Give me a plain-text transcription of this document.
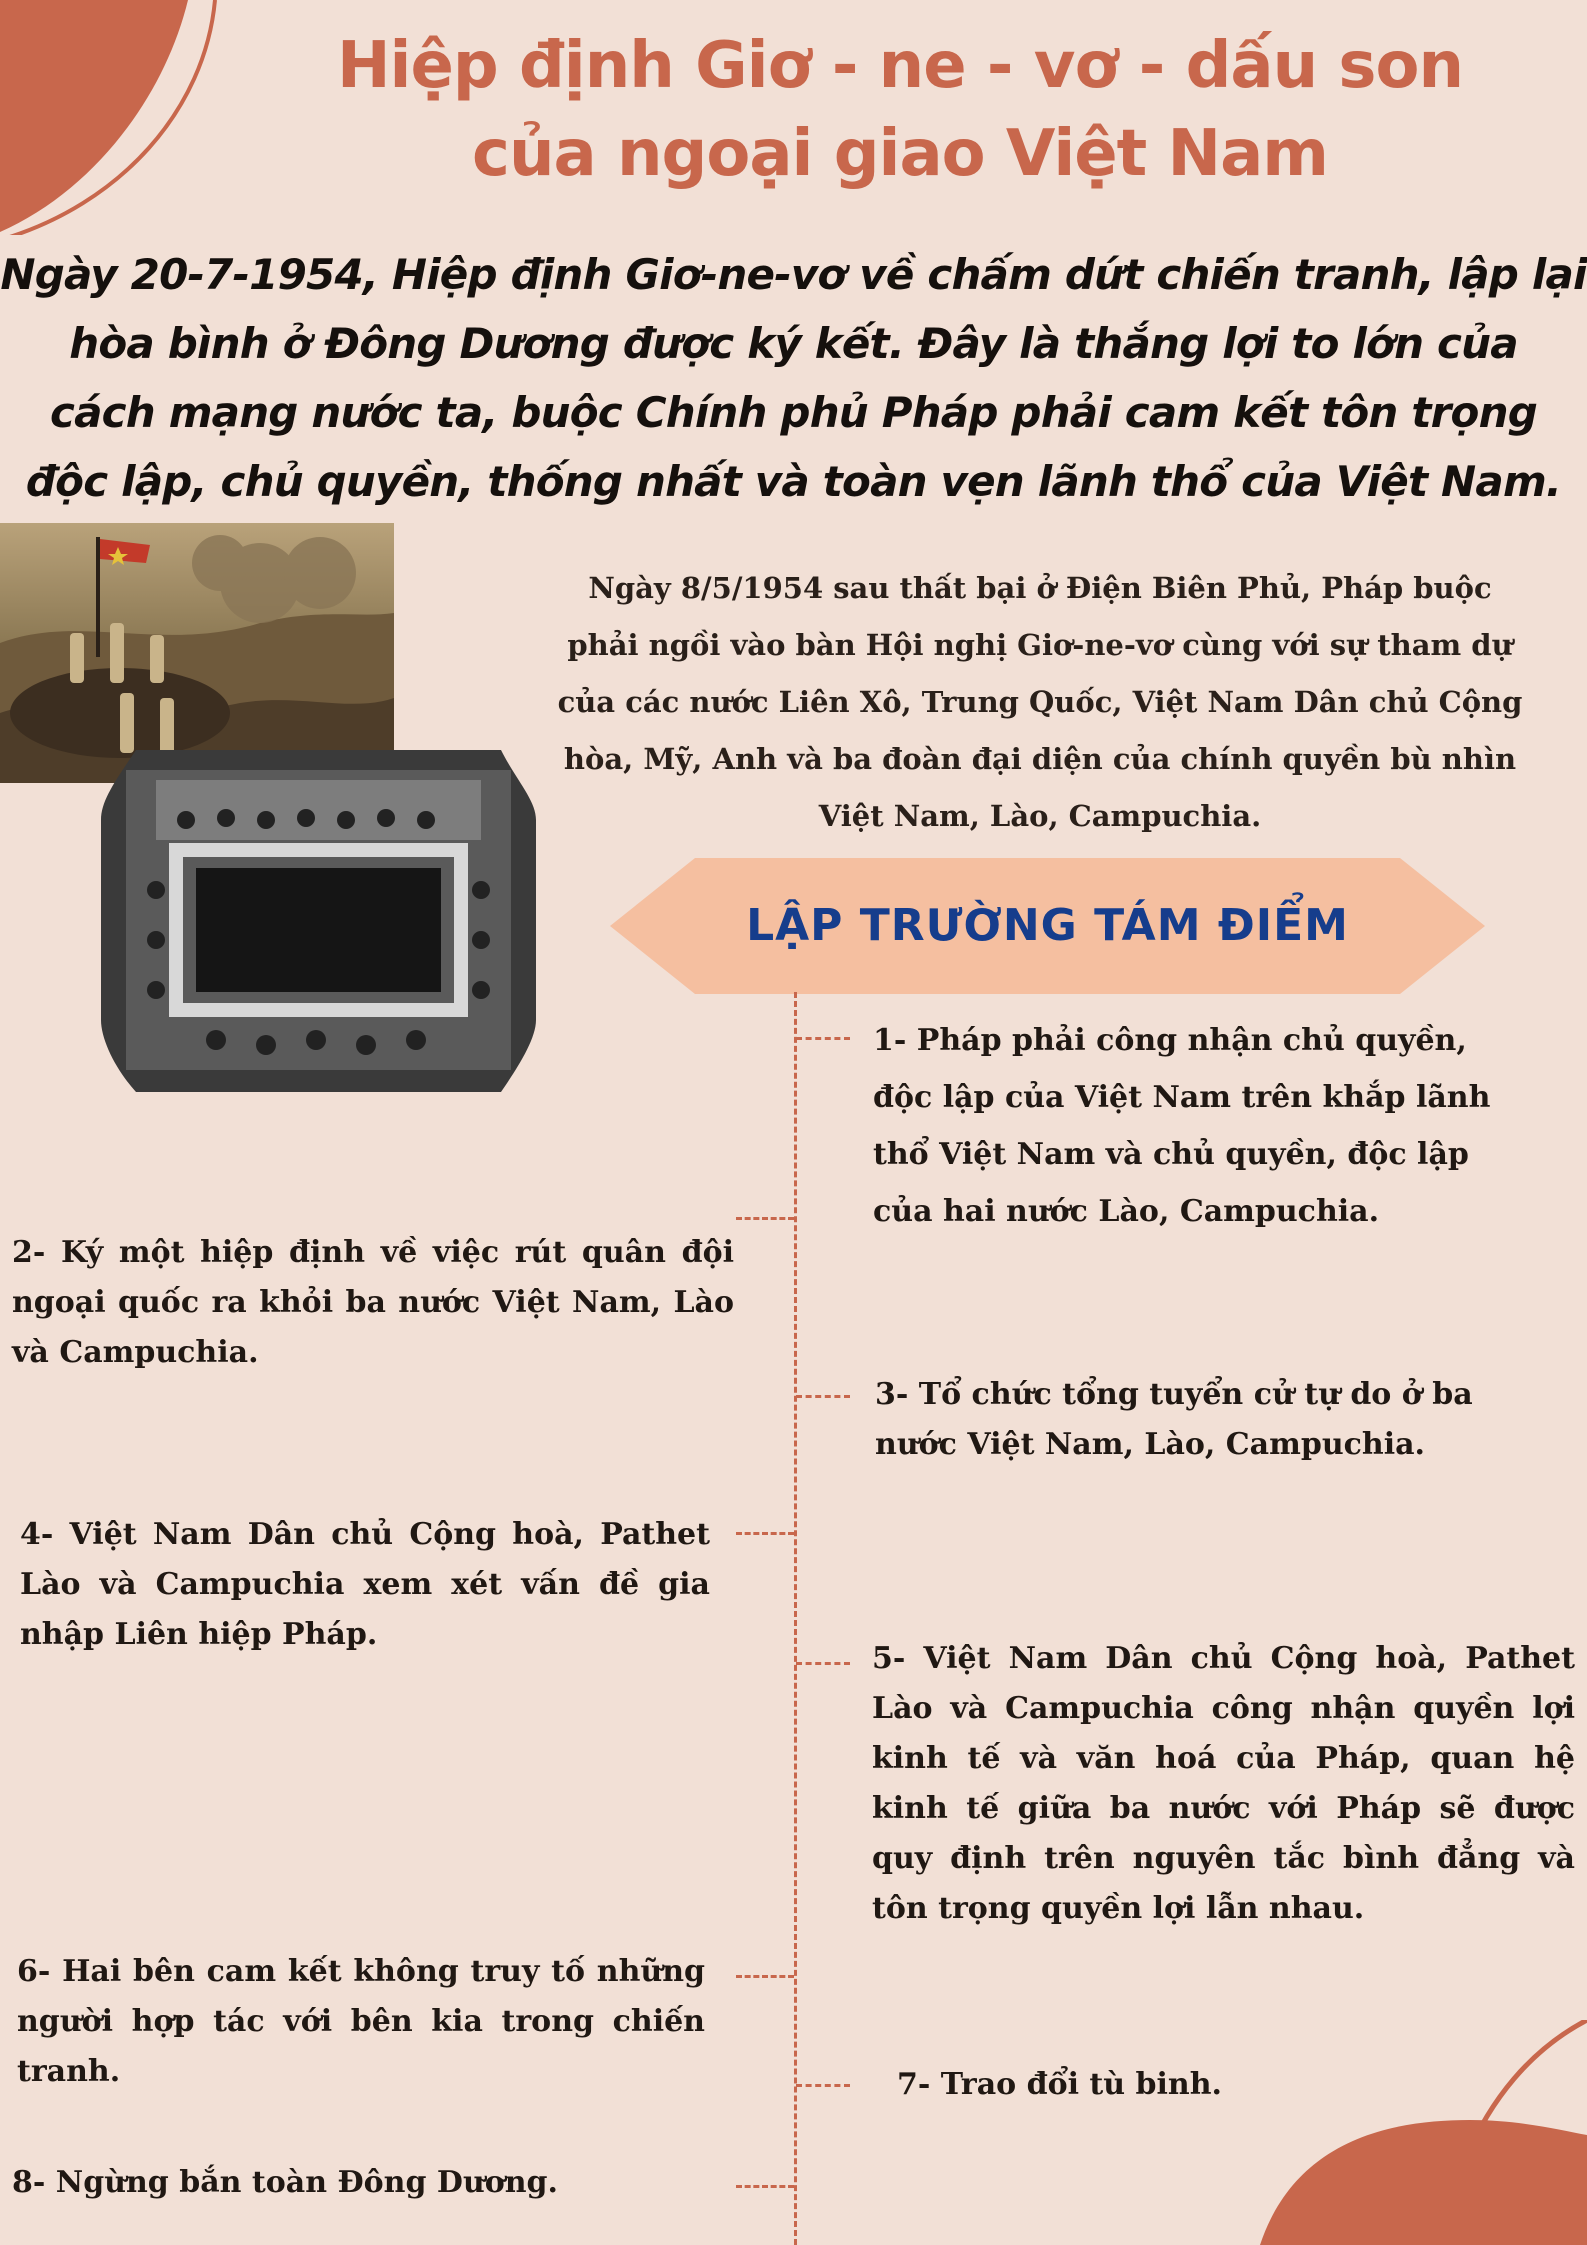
Hiệp định Giơ - ne - vơ - dấu son
của ngoại giao Việt Nam
Ngày 20-7-1954, Hiệp định Giơ-ne-vơ về chấm dứt chiến tranh, lập lại
hòa bình ở Đông Dương được ký kết. Đây là thắng lợi to lớn của
cách mạng nước ta, buộc Chính phủ Pháp phải cam kết tôn trọng
độc lập, chủ quyền, thống nhất và toàn vẹn lãnh thổ của Việt Nam.
Ngày 8/5/1954 sau thất bại ở Điện Biên Phủ, Pháp buộc
phải ngồi vào bàn Hội nghị Giơ-ne-vơ cùng với sự tham dự
của các nước Liên Xô, Trung Quốc, Việt Nam Dân chủ Cộng
hòa, Mỹ, Anh và ba đoàn đại diện của chính quyền bù nhìn
Việt Nam, Lào, Campuchia.
LẬP TRƯỜNG TÁM ĐIỂM
1- Pháp phải công nhận chủ quyền, độc lập của Việt Nam trên khắp lãnh thổ Việt Nam và chủ quyền, độc lập của hai nước Lào, Campuchia.
2- Ký một hiệp định về việc rút quân đội ngoại quốc ra khỏi ba nước Việt Nam, Lào và Campuchia.
3- Tổ chức tổng tuyển cử tự do ở ba nước Việt Nam, Lào, Campuchia.
4- Việt Nam Dân chủ Cộng hoà, Pathet Lào và Campuchia xem xét vấn đề gia nhập Liên hiệp Pháp.
5- Việt Nam Dân chủ Cộng hoà, Pathet Lào và Campuchia công nhận quyền lợi kinh tế và văn hoá của Pháp, quan hệ kinh tế giữa ba nước với Pháp sẽ được quy định trên nguyên tắc bình đẳng và tôn trọng quyền lợi lẫn nhau.
6- Hai bên cam kết không truy tố những người hợp tác với bên kia trong chiến tranh.	7- Trao đổi tù binh.
8- Ngừng bắn toàn Đông Dương.
